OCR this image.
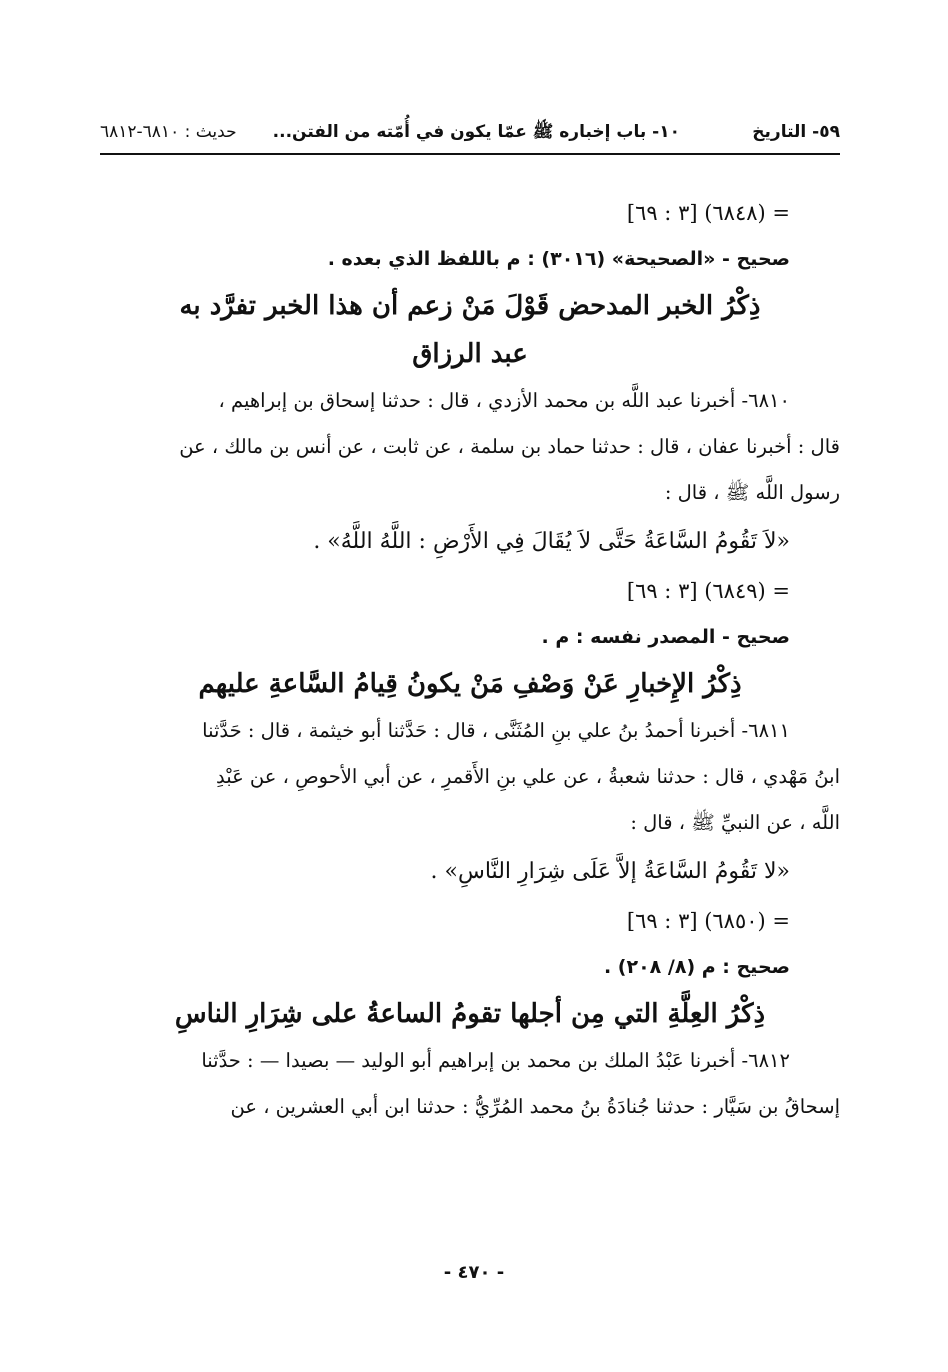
٥٩- التاريخ
١٠- باب إخباره ﷺ عمّا يكون في أُمّته من الفتن...
حديث : ٦٨١٠-٦٨١٢
= (٦٨٤٨) [٣ : ٦٩]
صحيح - «الصحيحة» (٣٠١٦) : م باللفظ الذي بعده .
ذِكْرُ الخبر المدحض قَوْلَ مَنْ زعم أن هذا الخبر تفرَّد به
عبد الرزاق
٦٨١٠- أخبرنا عبد اللَّه بن محمد الأزدي ، قال : حدثنا إسحاق بن إبراهيم ،
قال : أخبرنا عفان ، قال : حدثنا حماد بن سلمة ، عن ثابت ، عن أنس بن مالك ، عن
رسول اللَّه ﷺ ، قال :
«لاَ تَقُومُ السَّاعَةُ حَتَّى لاَ يُقَالَ فِي الأَرْضِ : اللَّهُ اللَّهُ» .
= (٦٨٤٩) [٣ : ٦٩]
صحيح - المصدر نفسه : م .
ذِكْرُ الإِخبارِ عَنْ وَصْفِ مَنْ يكونُ قِيامُ السَّاعةِ عليهم
٦٨١١- أخبرنا أحمدُ بنُ علي بنِ المُثَنَّى ، قال : حَدَّثنا أبو خيثمة ، قال : حَدَّثنا
ابنُ مَهْدي ، قال : حدثنا شعبةُ ، عن علي بنِ الأَقمرِ ، عن أبي الأحوصِ ، عن عَبْدِ
اللَّه ، عن النبيِّ ﷺ ، قال :
«لا تَقُومُ السَّاعَةُ إلاَّ عَلَى شِرَارِ النَّاسِ» .
= (٦٨٥٠) [٣ : ٦٩]
صحيح : م (٨/ ٢٠٨) .
ذِكْرُ العِلَّةِ التي مِن أجلها تقومُ الساعةُ على شِرَارِ الناسِ
٦٨١٢- أخبرنا عَبْدُ الملك بن محمد بن إبراهيم أبو الوليد — بصيدا — : حدَّثنا
إسحاقُ بن سَيَّار : حدثنا جُنادَةُ بنُ محمد المُرِّيُّ : حدثنا ابن أبي العشرين ، عن
- ٤٧٠ -
